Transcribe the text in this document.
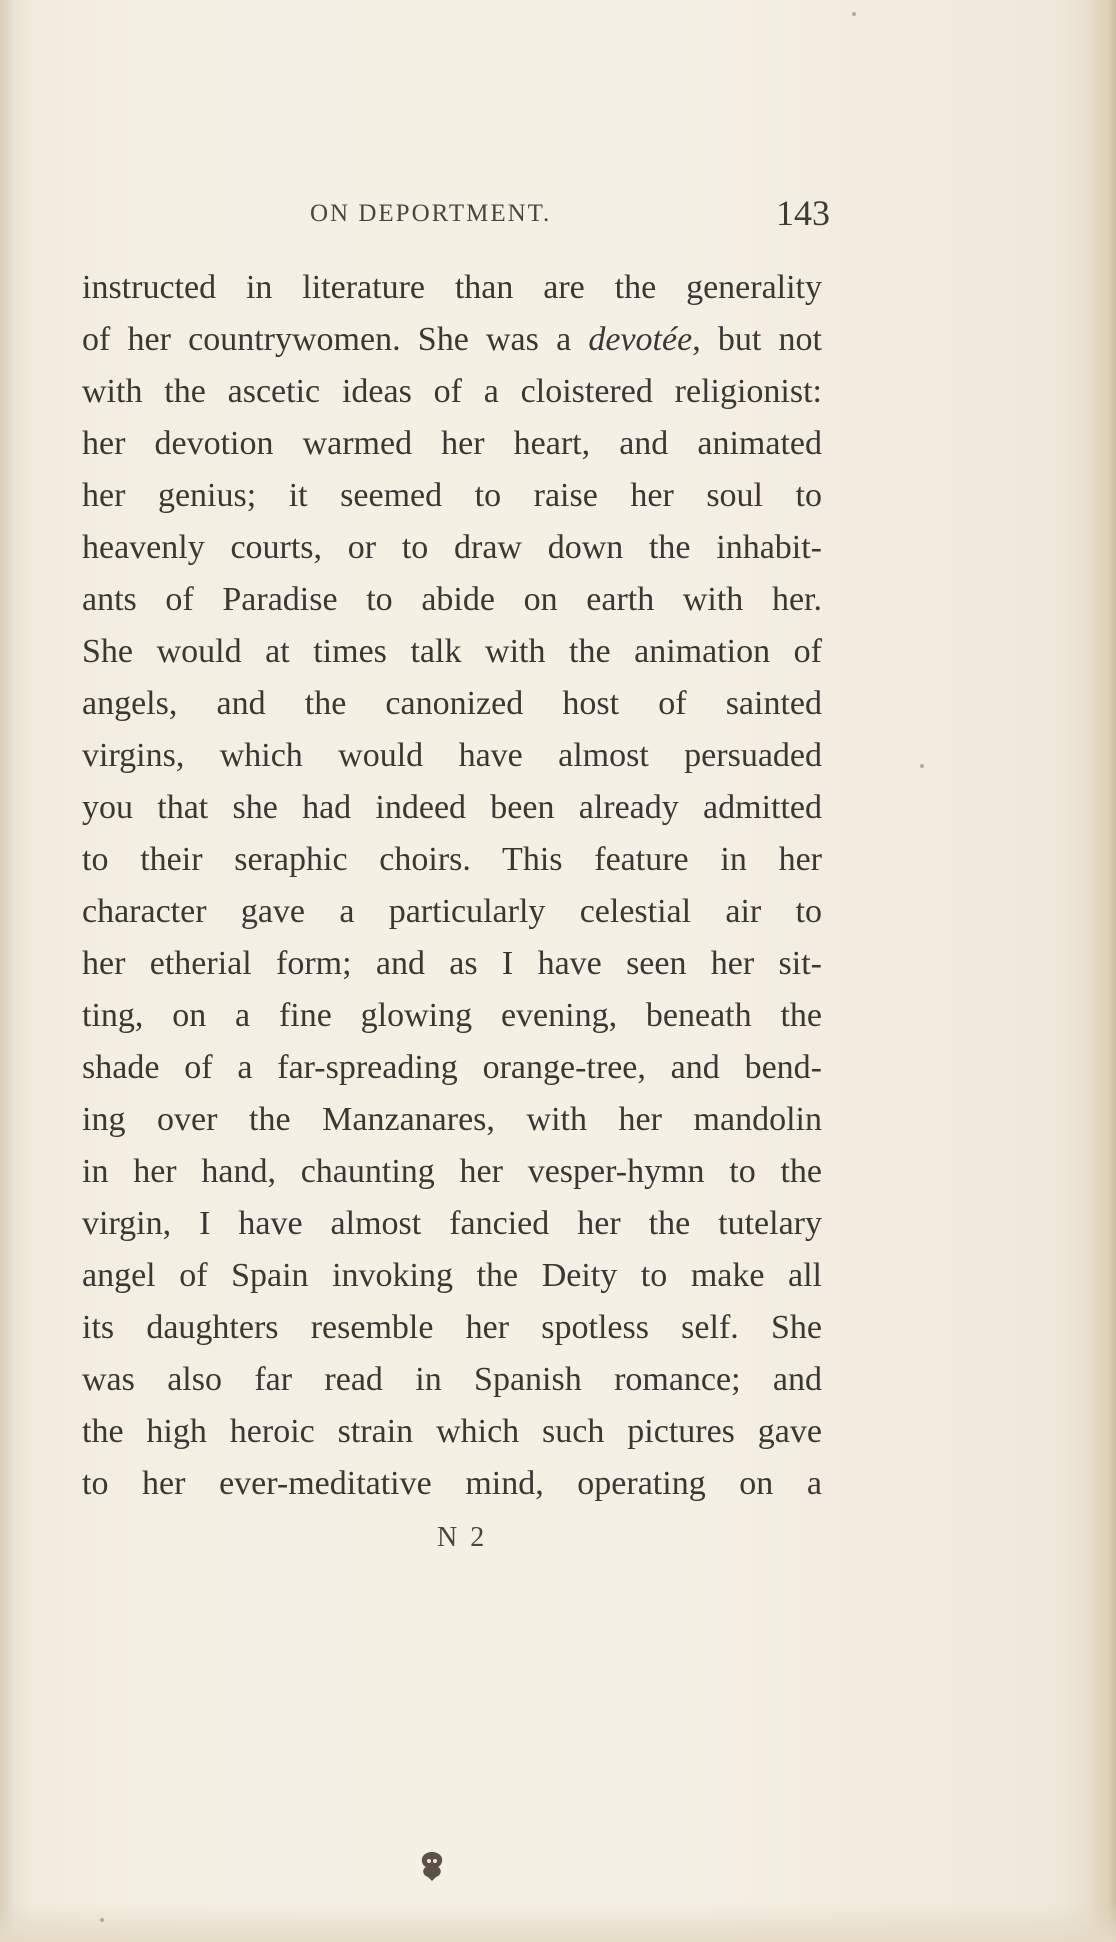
ON DEPORTMENT.	143
instructed in literature than are the generality
of her countrywomen. She was a devotée, but not
with the ascetic ideas of a cloistered religionist:
her devotion warmed her heart, and animated
her genius; it seemed to raise her soul to
heavenly courts, or to draw down the inhabit-
ants of Paradise to abide on earth with her.
She would at times talk with the animation of
angels, and the canonized host of sainted
virgins, which would have almost persuaded
you that she had indeed been already admitted
to their seraphic choirs. This feature in her
character gave a particularly celestial air to
her etherial form; and as I have seen her sit-
ting, on a fine glowing evening, beneath the
shade of a far-spreading orange-tree, and bend-
ing over the Manzanares, with her mandolin
in her hand, chaunting her vesper-hymn to the
virgin, I have almost fancied her the tutelary
angel of Spain invoking the Deity to make all
its daughters resemble her spotless self. She
was also far read in Spanish romance; and
the high heroic strain which such pictures gave
to her ever-meditative mind, operating on a
N 2
